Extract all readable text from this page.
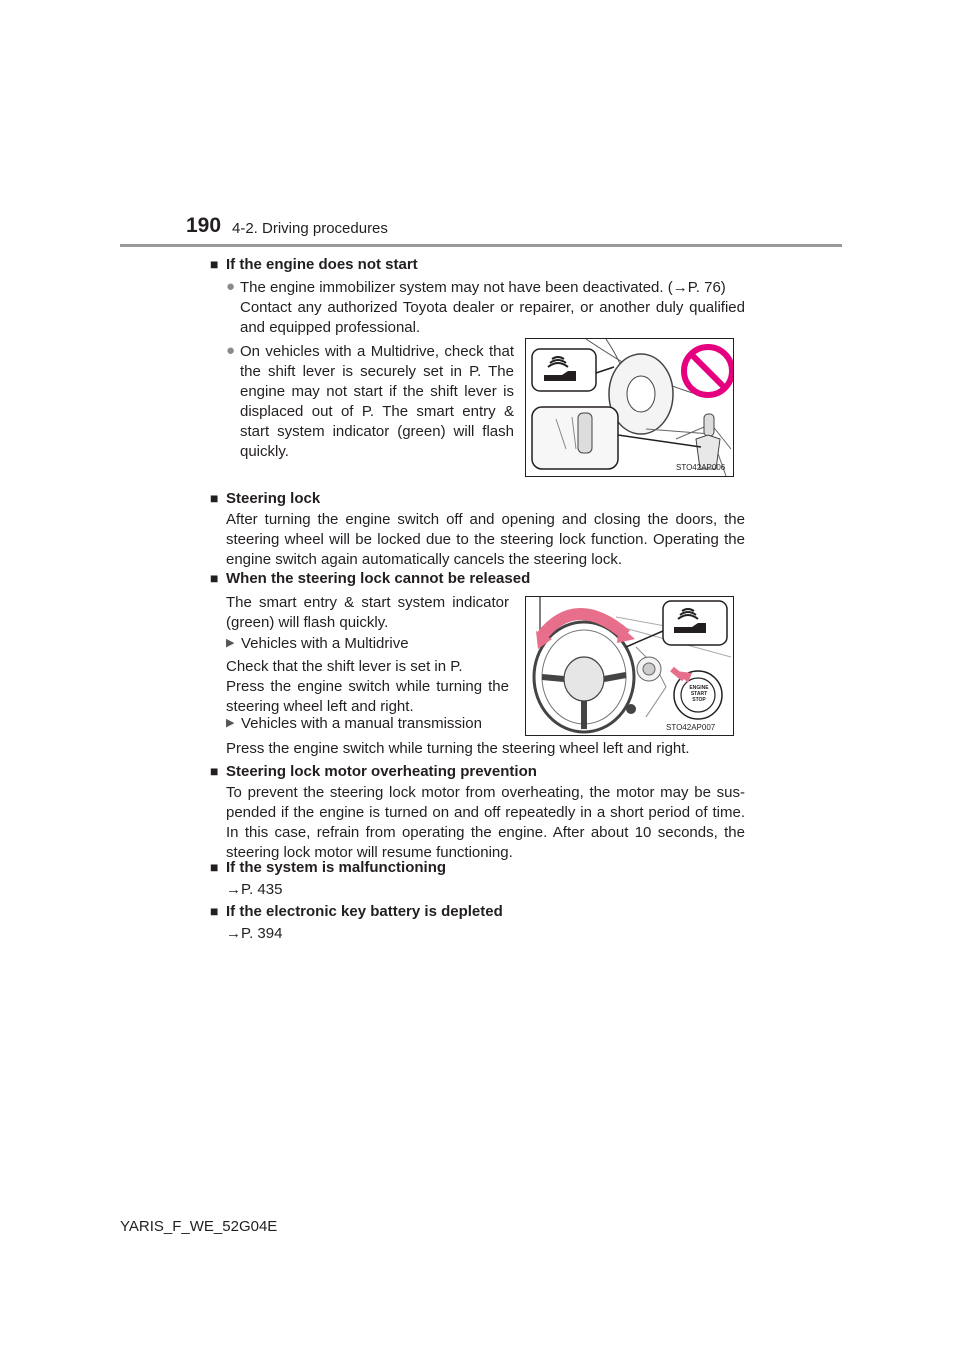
190 4-2. Driving procedures
■ If the engine does not start
● The engine immobilizer system may not have been deactivated. (→P. 76)
Contact any authorized Toyota dealer or repairer, or another duly qualified and equipped professional.
● On vehicles with a Multidrive, check that
the shift lever is securely set in P. The
engine may not start if the shift lever is
displaced out of P. The smart entry &
start system indicator (green) will flash
quickly.
STO42AP006
■ Steering lock
After turning the engine switch off and opening and closing the doors, the steering wheel will be locked due to the steering lock function. Operating the engine switch again automatically cancels the steering lock.
■ When the steering lock cannot be released
The smart entry & start system indicator
(green) will flash quickly.
▶ Vehicles with a Multidrive
Check that the shift lever is set in P.
Press the engine switch while turning the
steering wheel left and right.
▶ Vehicles with a manual transmission
Press the engine switch while turning the steering wheel left and right.
ENGINE
START
STOP
STO42AP007
■ Steering lock motor overheating prevention
To prevent the steering lock motor from overheating, the motor may be sus-pended if the engine is turned on and off repeatedly in a short period of time. In this case, refrain from operating the engine. After about 10 seconds, the steering lock motor will resume functioning.
■ If the system is malfunctioning
→P. 435
■ If the electronic key battery is depleted
→P. 394
YARIS_F_WE_52G04E
